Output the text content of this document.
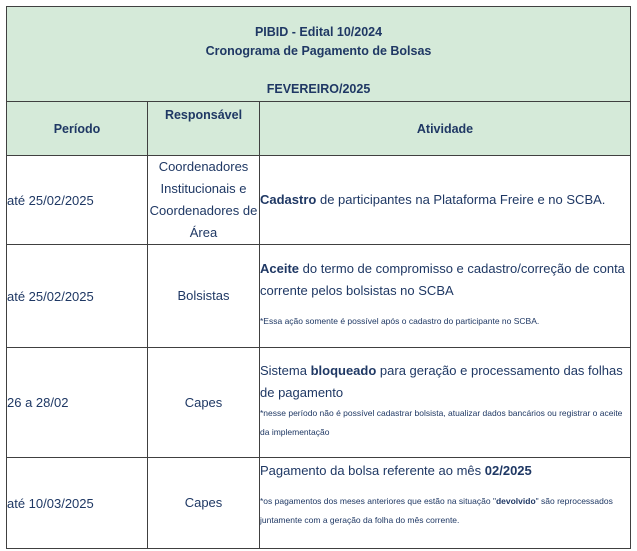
PIBID - Edital 10/2024
Cronograma de Pagamento de Bolsas
FEVEREIRO/2025		

Período	Responsável	Atividade
até 25/02/2025	Coordenadores Institucionais e Coordenadores de Área	Cadastro de participantes na Plataforma Freire e no SCBA.

até 25/02/2025	Bolsistas	Aceite do termo de compromisso e cadastro/correção de conta corrente pelos bolsistas no SCBA
*Essa ação somente é possível após o cadastro do participante no SCBA.

26 a 28/02	Capes	Sistema bloqueado para geração e processamento das folhas de pagamento
*nesse período não é possível cadastrar bolsista, atualizar dados bancários ou registrar o aceite da implementação

até 10/03/2025	Capes	Pagamento da bolsa referente ao mês 02/2025
*os pagamentos dos meses anteriores que estão na situação "devolvido" são reprocessados juntamente com a geração da folha do mês corrente.
